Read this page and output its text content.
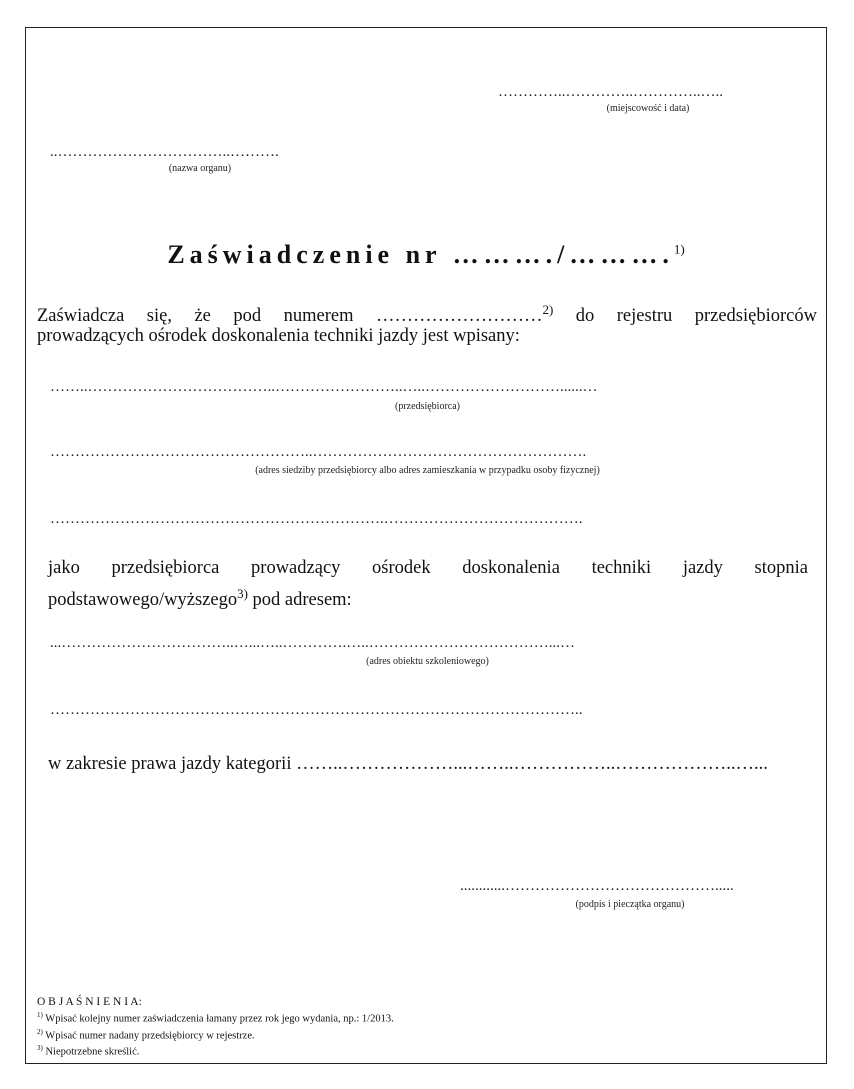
…………..…………..…………..…..
(miejscowość i data)
..……………………………..……….
(nazwa organu)
Zaświadczenie nr ………./……….$^{1)}$
Zaświadcza się, że pod numerem ………………………$^{2)}$ do rejestru przedsiębiorców
prowadzących ośrodek doskonalenia techniki jazdy jest wpisany:
……..………………………………..……………………..…..………………………......…
(przedsiębiorca)
……………………………………………..……………………………………………….
(adres siedziby przedsiębiorcy albo adres zamieszkania w przypadku osoby fizycznej)
………………………………………………………….………………………………….
jako przedsiębiorca prowadzący ośrodek doskonalenia techniki jazdy stopnia
podstawowego/wyższego$^{3)}$ pod adresem:
...……………………………..…...…..………….…..………………………………...…
(adres obiektu szkoleniowego)
……………………………………………………………………………………………..
w zakresie prawa jazdy kategorii ……..………………...……..……………..………………..…...
............…………………………………….....
(podpis i pieczątka organu)
O B J A Ś N I E N I A:
$^{1)}$ Wpisać kolejny numer zaświadczenia łamany przez rok jego wydania, np.: 1/2013.
$^{2)}$ Wpisać numer nadany przedsiębiorcy w rejestrze.
$^{3)}$ Niepotrzebne skreślić.
